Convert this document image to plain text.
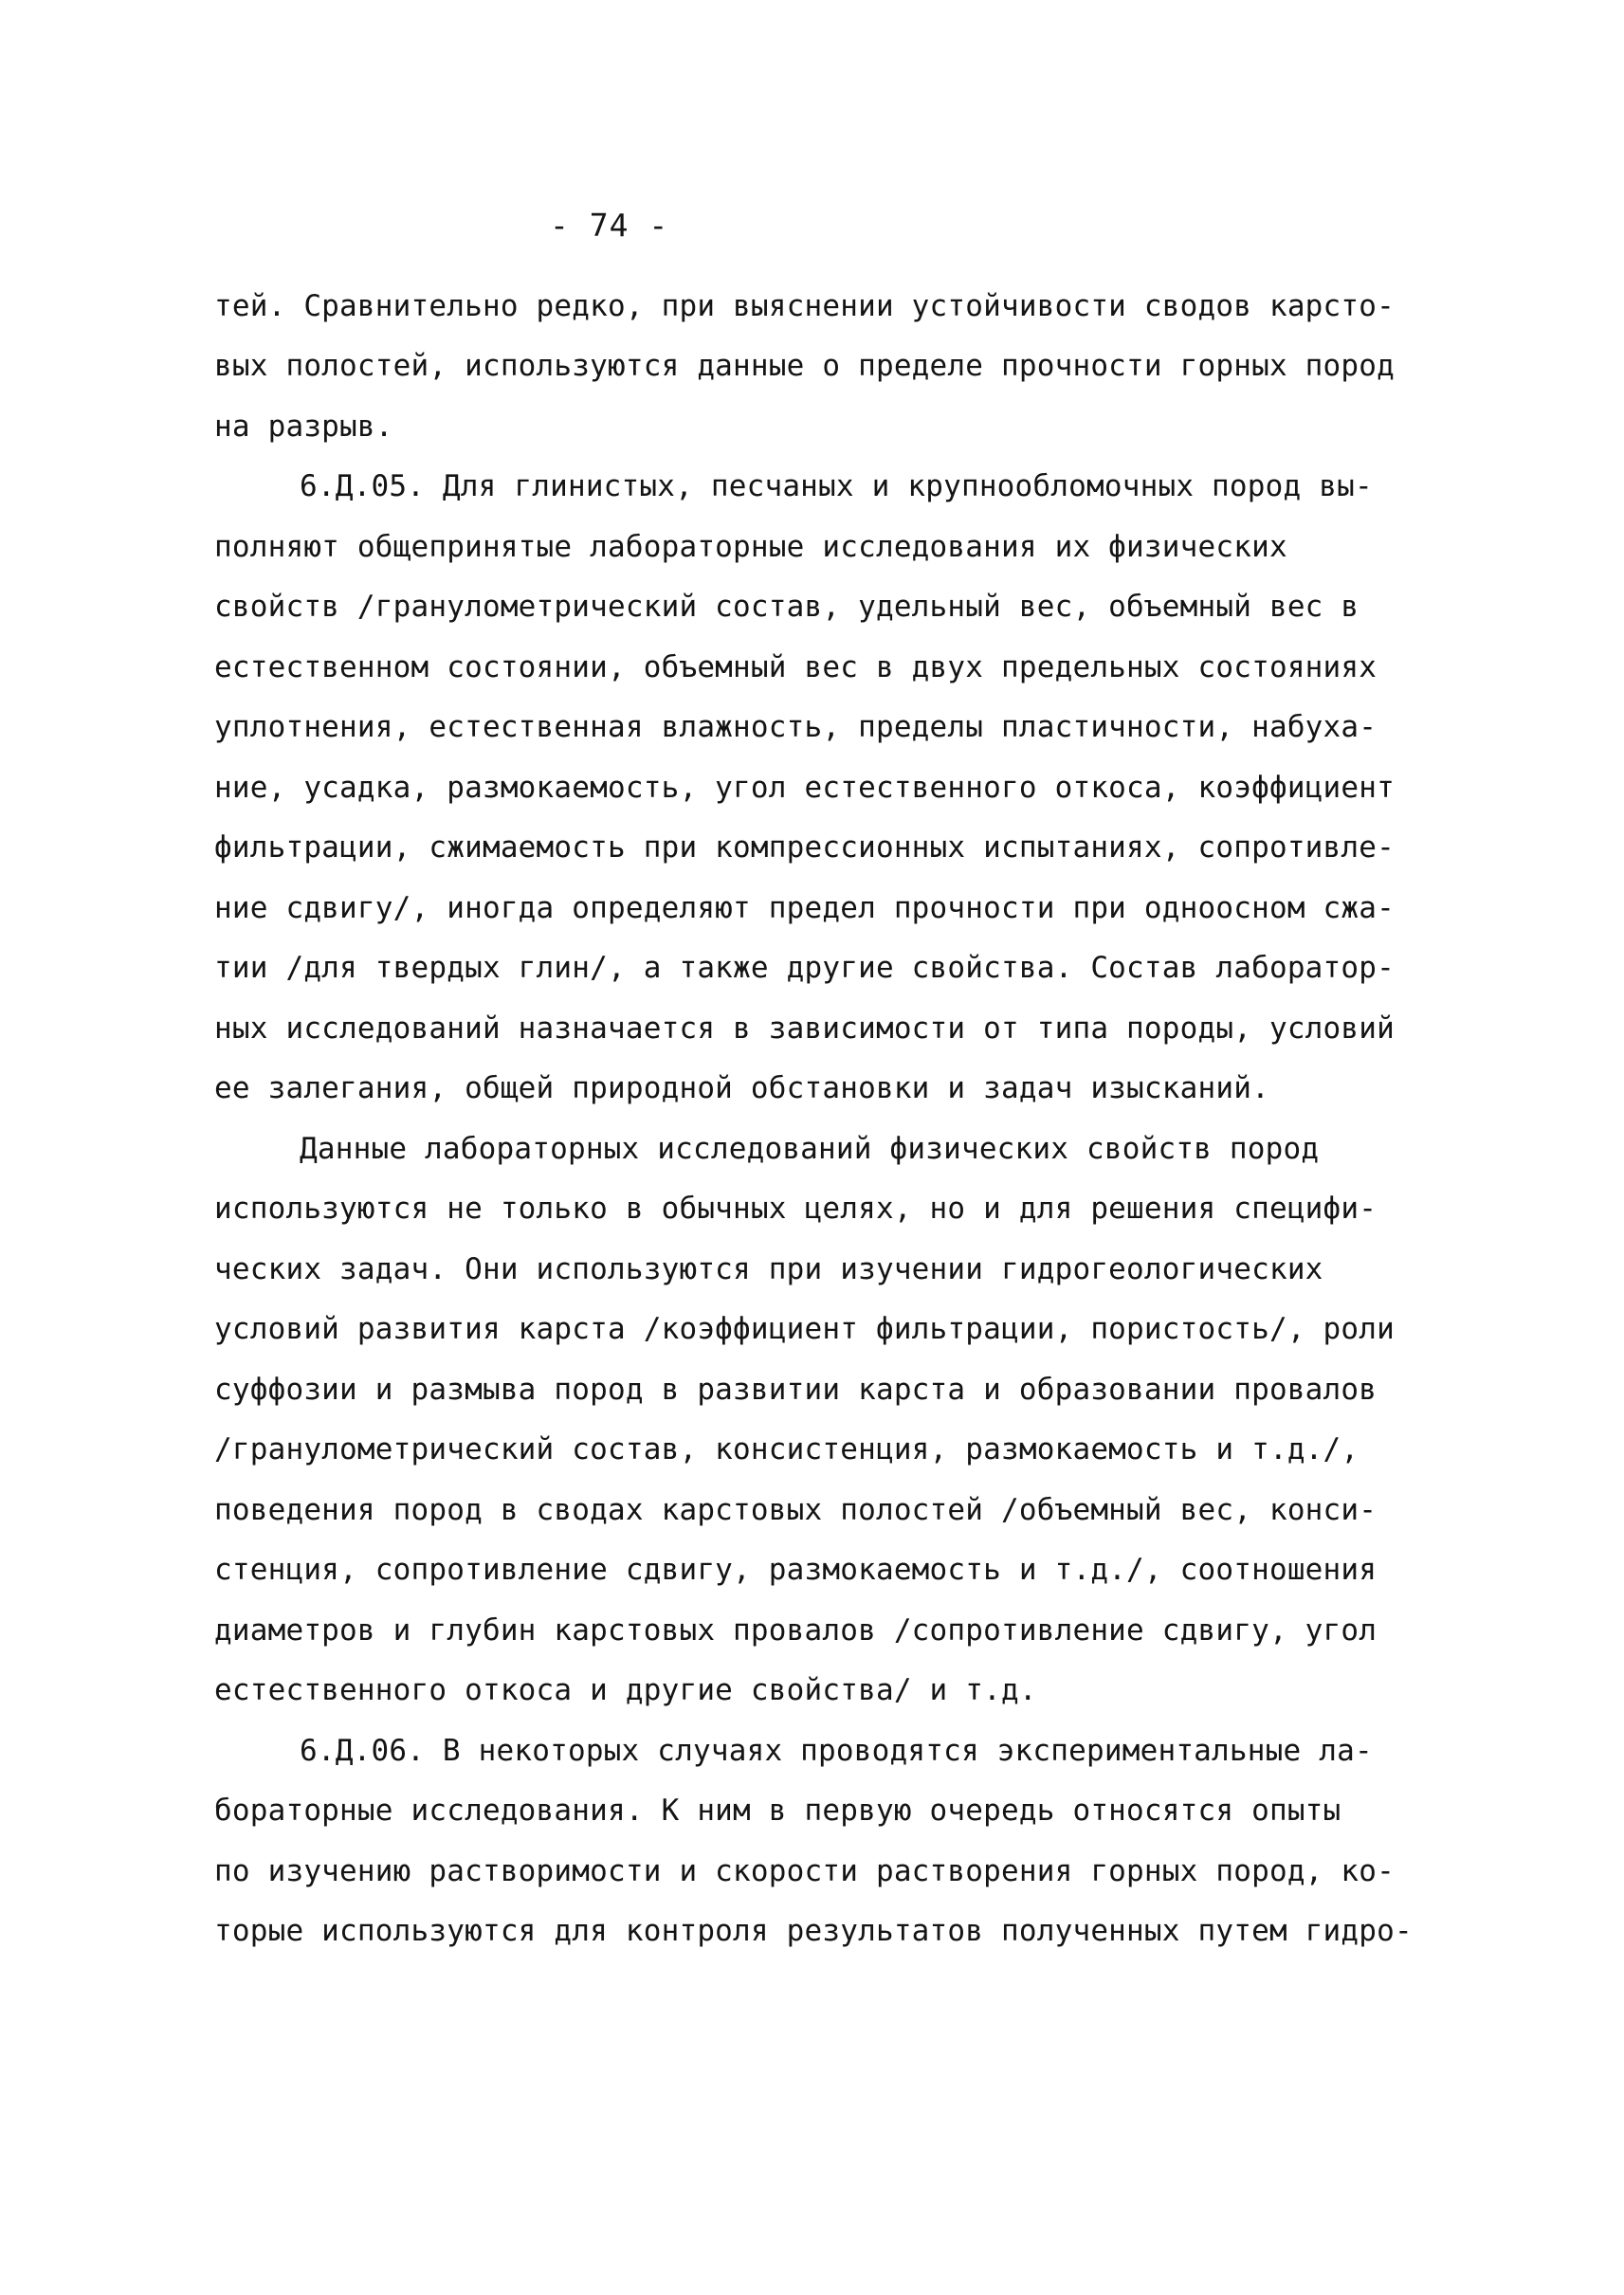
- 74 -

тей. Сравнительно редко, при выяснении устойчивости сводов карсто-

вых полостей, используются данные о пределе прочности горных пород

на разрыв.

6.Д.05. Для глинистых, песчаных и крупнообломочных пород вы-

полняют общепринятые лабораторные исследования их физических

свойств /гранулометрический состав, удельный вес, объемный вес в

естественном состоянии, объемный вес в двух предельных состояниях

уплотнения, естественная влажность, пределы пластичности, набуха-

ние, усадка, размокаемость, угол естественного откоса, коэффициент

фильтрации, сжимаемость при компрессионных испытаниях, сопротивле-

ние сдвигу/, иногда определяют предел прочности при одноосном сжа-

тии /для твердых глин/, а также другие свойства. Состав лаборатор-

ных исследований назначается в зависимости от типа породы, условий

ее залегания, общей природной обстановки и задач изысканий.

Данные лабораторных исследований физических свойств пород

используются не только в обычных целях, но и для решения специфи-

ческих задач. Они используются при изучении гидрогеологических

условий развития карста /коэффициент фильтрации, пористость/, роли

суффозии и размыва пород в развитии карста и образовании провалов

/гранулометрический состав, консистенция, размокаемость и т.д./,

поведения пород в сводах карстовых полостей /объемный вес, конси-

стенция, сопротивление сдвигу, размокаемость и т.д./, соотношения

диаметров и глубин карстовых провалов /сопротивление сдвигу, угол

естественного откоса и другие свойства/ и т.д.

6.Д.06. В некоторых случаях проводятся экспериментальные ла-

бораторные исследования. К ним в первую очередь относятся опыты

по изучению растворимости и скорости растворения горных пород, ко-

торые используются для контроля результатов полученных путем гидро-
